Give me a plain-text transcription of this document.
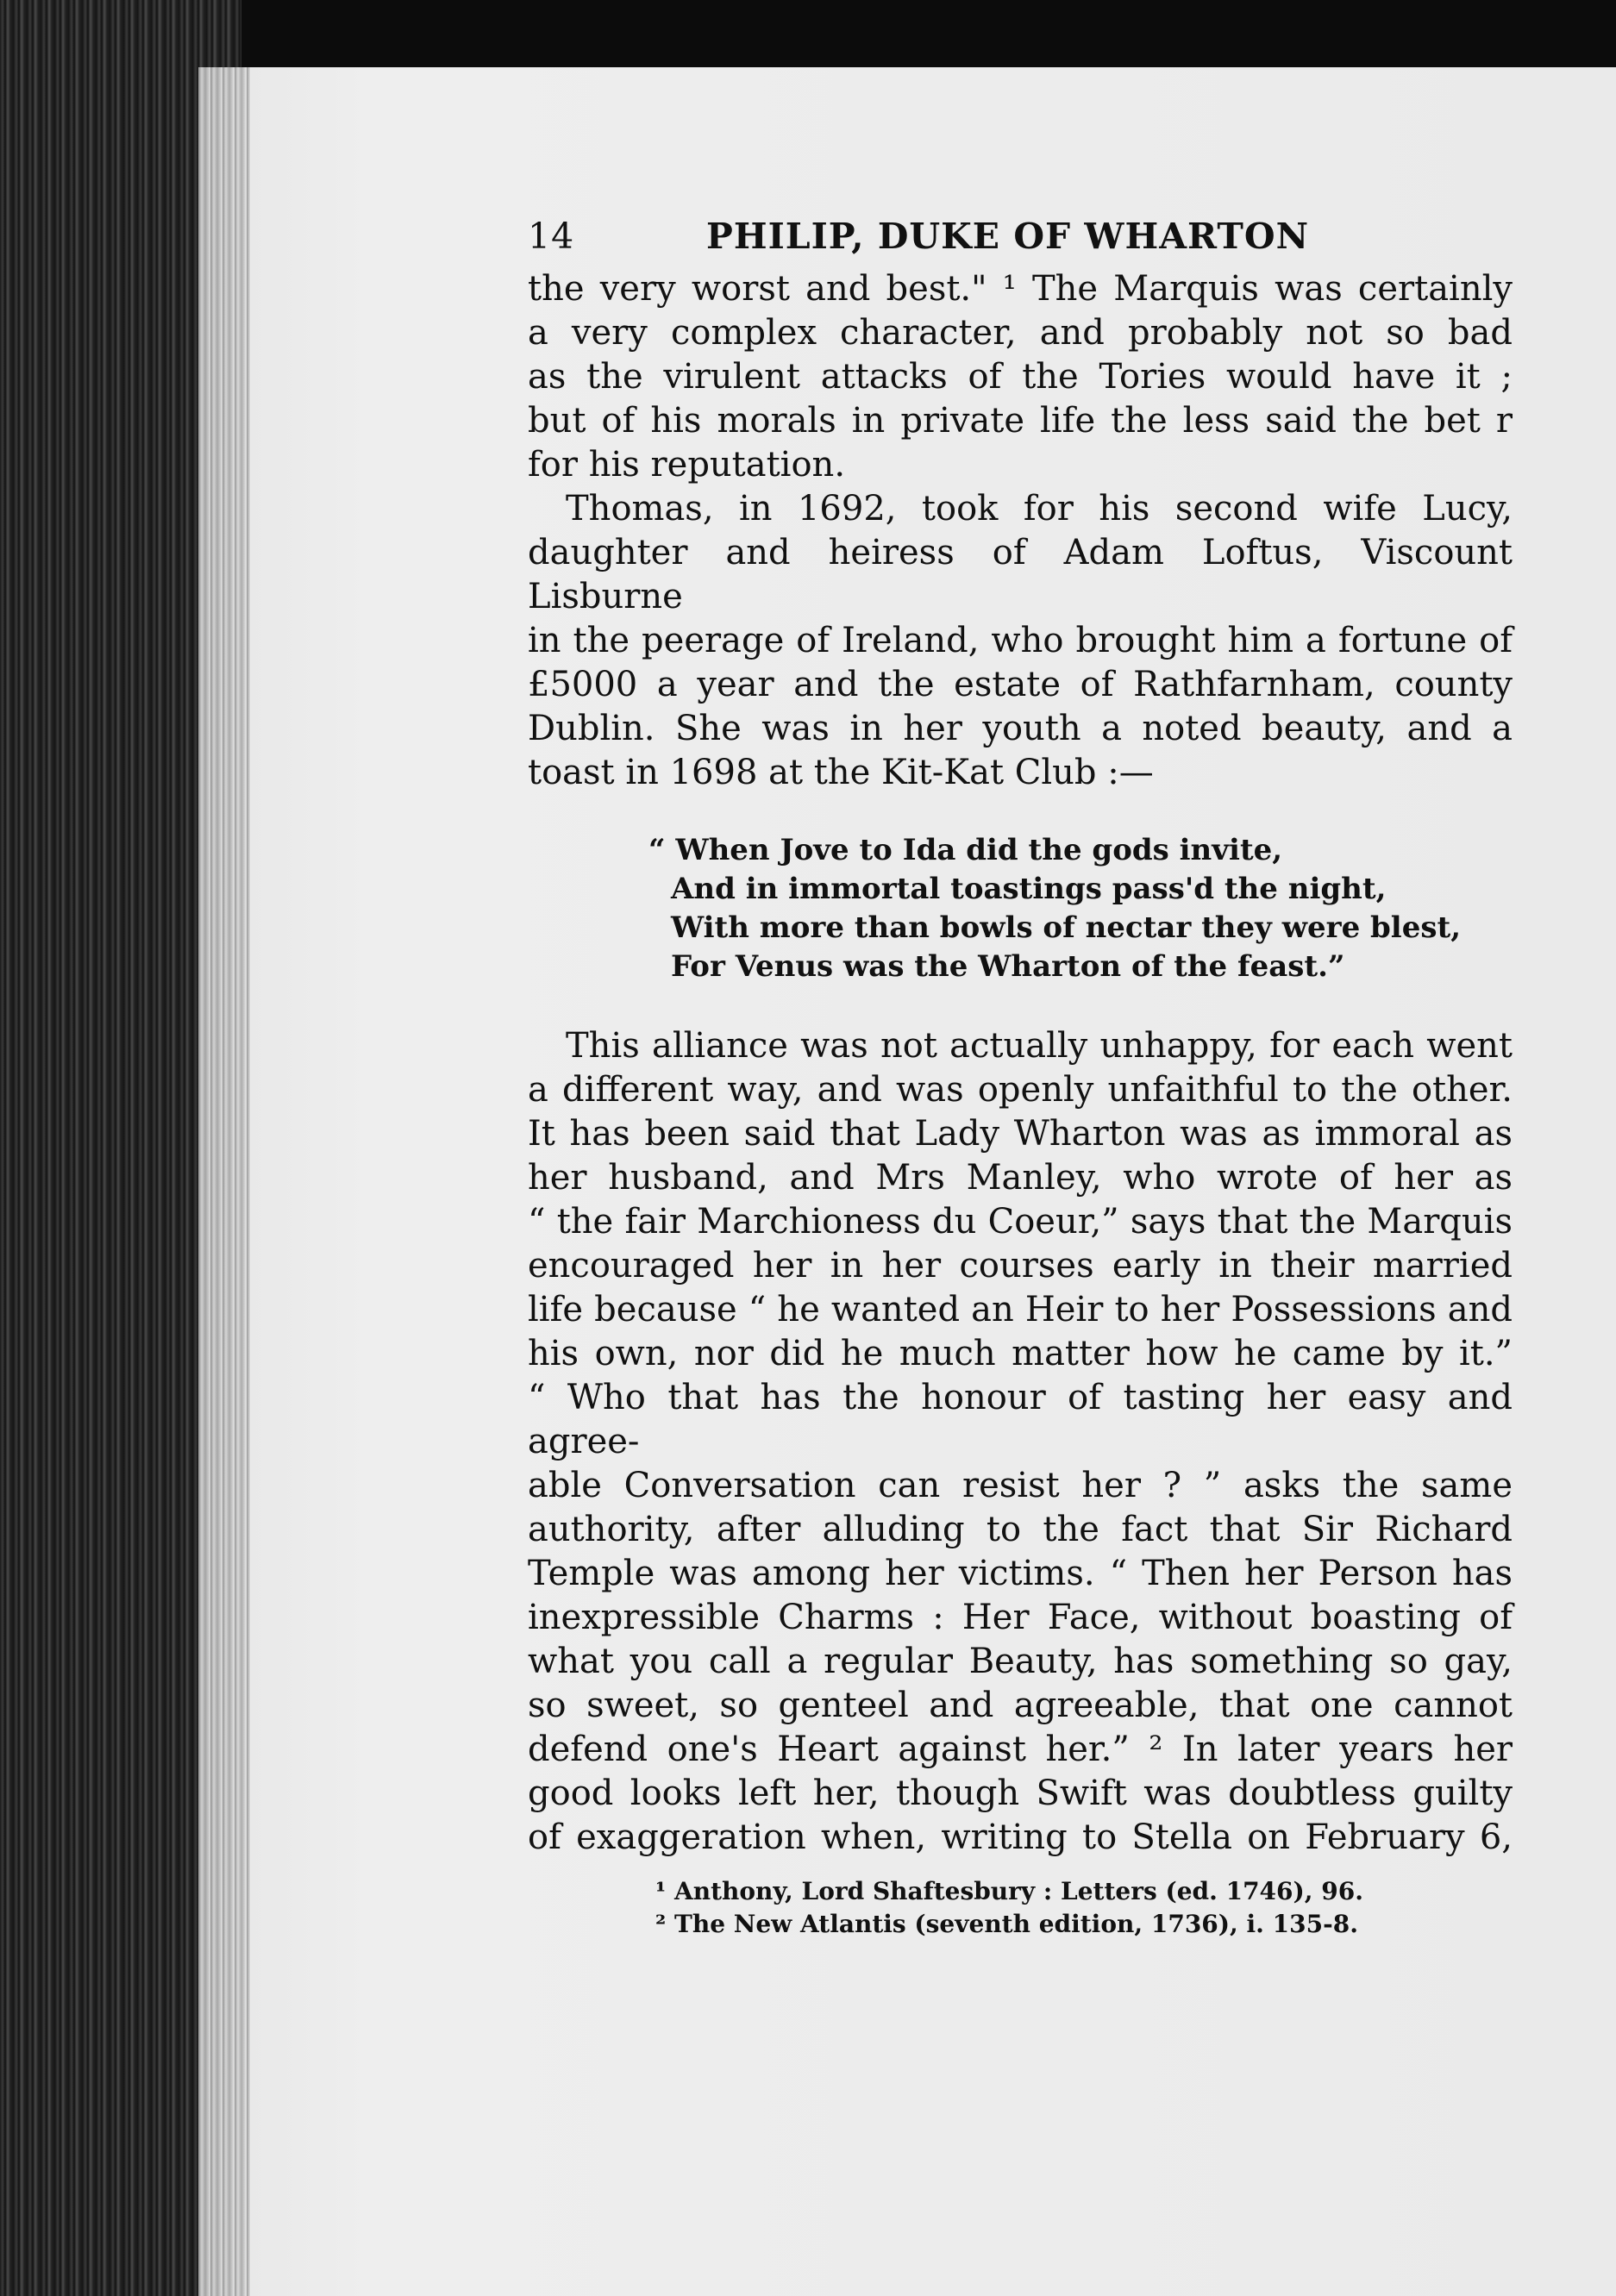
14	PHILIP, DUKE OF WHARTON

the very worst and best." ¹ The Marquis was certainly
a very complex character, and probably not so bad
as the virulent attacks of the Tories would have it ;
but of his morals in private life the less said the bet r
for his reputation.

Thomas, in 1692, took for his second wife Lucy,
daughter and heiress of Adam Loftus, Viscount Lisburne
in the peerage of Ireland, who brought him a fortune of
£5000 a year and the estate of Rathfarnham, county
Dublin. She was in her youth a noted beauty, and a
toast in 1698 at the Kit-Kat Club :—

“ When Jove to Ida did the gods invite,
And in immortal toastings pass'd the night,
With more than bowls of nectar they were blest,
For Venus was the Wharton of the feast.”

This alliance was not actually unhappy, for each went
a different way, and was openly unfaithful to the other.
It has been said that Lady Wharton was as immoral as
her husband, and Mrs Manley, who wrote of her as
“ the fair Marchioness du Coeur,” says that the Marquis
encouraged her in her courses early in their married
life because “ he wanted an Heir to her Possessions and
his own, nor did he much matter how he came by it.”
“ Who that has the honour of tasting her easy and agree-
able Conversation can resist her ? ” asks the same
authority, after alluding to the fact that Sir Richard
Temple was among her victims. “ Then her Person has
inexpressible Charms : Her Face, without boasting of
what you call a regular Beauty, has something so gay,
so sweet, so genteel and agreeable, that one cannot
defend one's Heart against her.” ² In later years her
good looks left her, though Swift was doubtless guilty
of exaggeration when, writing to Stella on February 6,

¹ Anthony, Lord Shaftesbury : Letters (ed. 1746), 96.
² The New Atlantis (seventh edition, 1736), i. 135-8.
